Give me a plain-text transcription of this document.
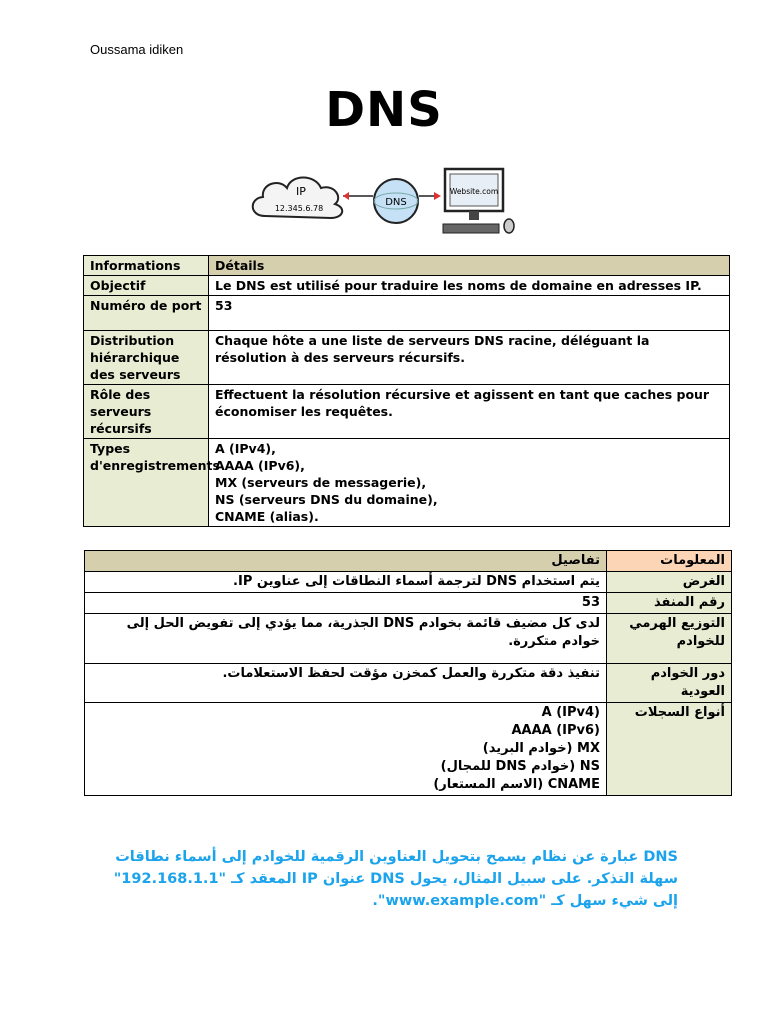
Oussama idiken
DNS
IP
12.345.6.78
DNS
Website.com
Informations	Détails
Objectif	Le DNS est utilisé pour traduire les noms de domaine en adresses IP.
Numéro de port	53
Distribution hiérarchique des serveurs	Chaque hôte a une liste de serveurs DNS racine, déléguant la résolution à des serveurs récursifs.
Rôle des serveurs récursifs	Effectuent la résolution récursive et agissent en tant que caches pour économiser les requêtes.
Types d'enregistrements	A (IPv4),
AAAA (IPv6),
MX (serveurs de messagerie),
NS (serveurs DNS du domaine),
CNAME (alias).
المعلومات	تفاصيل
الغرض	يتم استخدام DNS لترجمة أسماء النطاقات إلى عناوين IP.
رقم المنفذ	53
التوزيع الهرمي للخوادم	لدى كل مضيف قائمة بخوادم DNS الجذرية، مما يؤدي إلى تفويض الحل إلى خوادم متكررة.
دور الخوادم العودية	تنفيذ دقة متكررة والعمل كمخزن مؤقت لحفظ الاستعلامات.
أنواع السجلات	A (IPv4)
AAAA (IPv6)
MX (خوادم البريد)
NS (خوادم DNS للمجال)
CNAME (الاسم المستعار)
DNS عبارة عن نظام يسمح بتحويل العناوين الرقمية للخوادم إلى أسماء نطاقات سهلة التذكر. على سبيل المثال، يحول DNS عنوان IP المعقد كـ "192.168.1.1" إلى شيء سهل كـ "www.example.com".
